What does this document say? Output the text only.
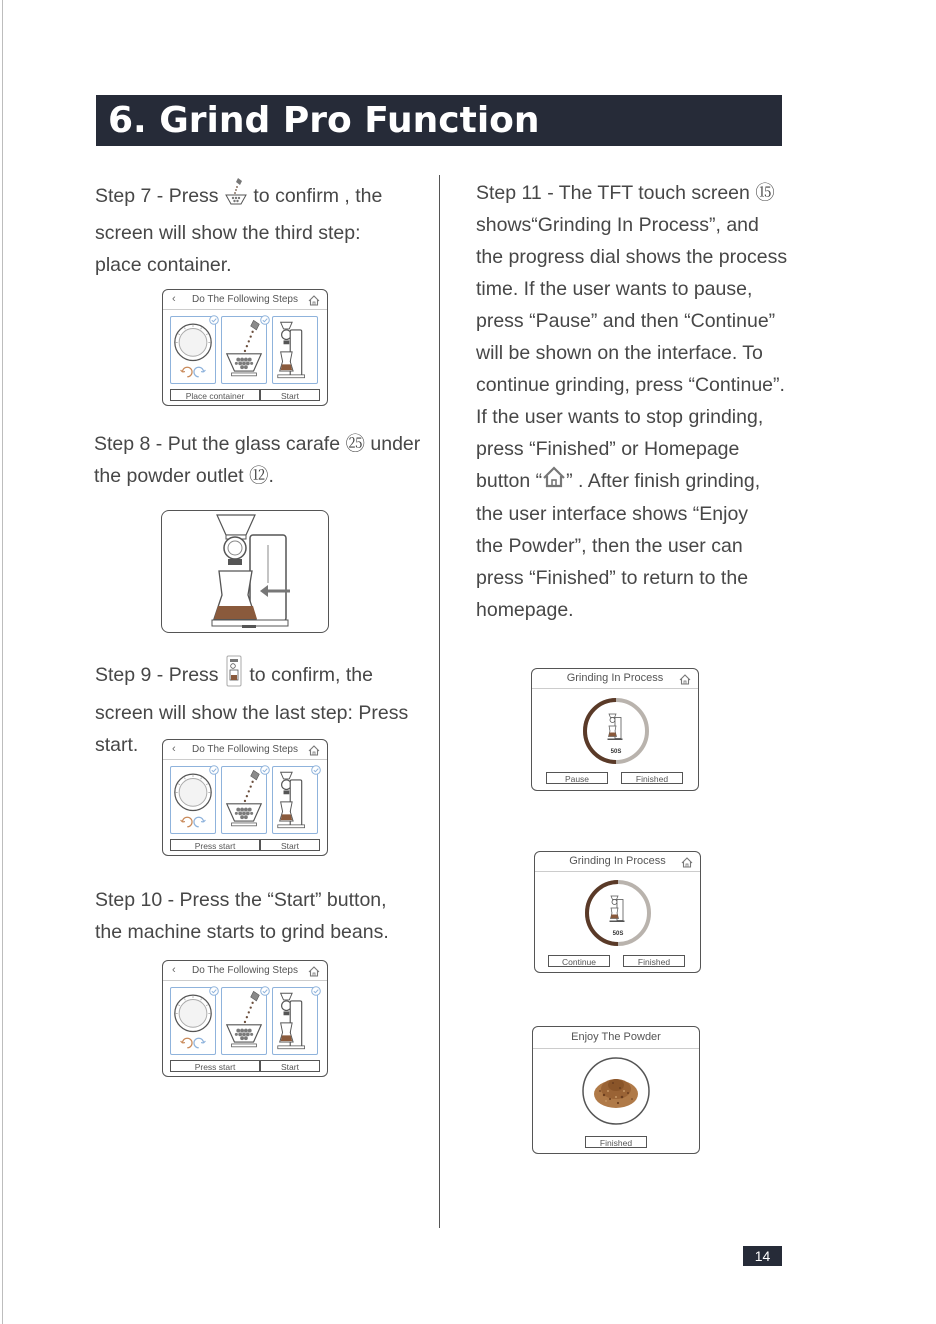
6. Grind Pro Function
Step 7 - Press  to confirm , the
screen will show the third step:
place container.
‹ Do The Following Steps
Place container	Start
Step 8 - Put the glass carafe ㉕ under
the powder outlet ⑫.
Step 9 - Press  to confirm, the
screen will show the last step: Press
start.	‹ Do The Following Steps
Press start	Start
Step 10 - Press the “Start” button,
the machine starts to grind beans.
‹ Do The Following Steps
Press start	Start
Step 11 - The TFT touch screen ⑮
shows“Grinding In Process”, and
the progress dial shows the process
time. If the user wants to pause,
press “Pause” and then “Continue”
will be shown on the interface. To
continue grinding, press “Continue”.
If the user wants to stop grinding,
press “Finished” or Homepage
button “ ” . After finish grinding,
the user interface shows “Enjoy
the Powder”, then the user can
press “Finished” to return to the
homepage.
Grinding In Process
50S
Pause	Finished
Grinding In Process
50S
Continue	Finished
Enjoy The Powder
Finished
14
